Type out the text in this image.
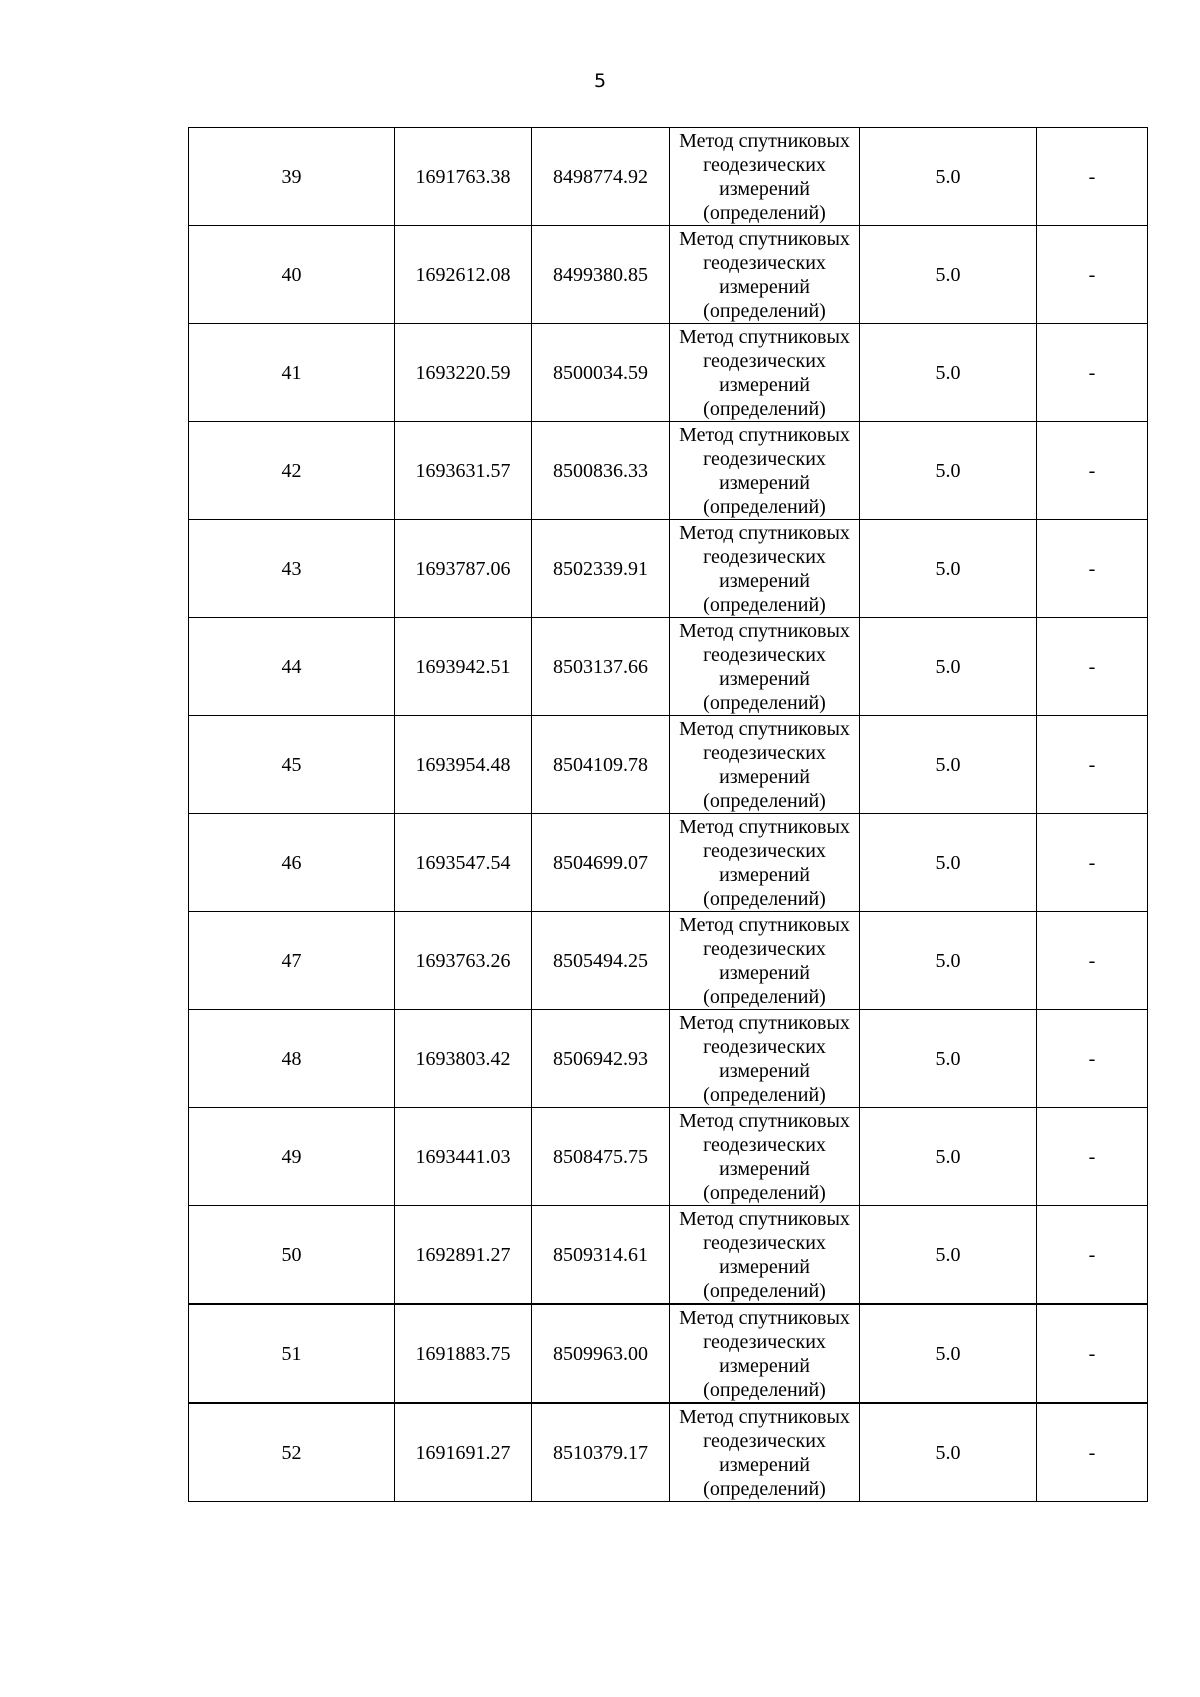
5
39	1691763.38	8498774.92	Метод спутниковых
геодезических
измерений
(определений)	5.0	-
40	1692612.08	8499380.85	Метод спутниковых
геодезических
измерений
(определений)	5.0	-
41	1693220.59	8500034.59	Метод спутниковых
геодезических
измерений
(определений)	5.0	-
42	1693631.57	8500836.33	Метод спутниковых
геодезических
измерений
(определений)	5.0	-
43	1693787.06	8502339.91	Метод спутниковых
геодезических
измерений
(определений)	5.0	-
44	1693942.51	8503137.66	Метод спутниковых
геодезических
измерений
(определений)	5.0	-
45	1693954.48	8504109.78	Метод спутниковых
геодезических
измерений
(определений)	5.0	-
46	1693547.54	8504699.07	Метод спутниковых
геодезических
измерений
(определений)	5.0	-
47	1693763.26	8505494.25	Метод спутниковых
геодезических
измерений
(определений)	5.0	-
48	1693803.42	8506942.93	Метод спутниковых
геодезических
измерений
(определений)	5.0	-
49	1693441.03	8508475.75	Метод спутниковых
геодезических
измерений
(определений)	5.0	-
50	1692891.27	8509314.61	Метод спутниковых
геодезических
измерений
(определений)	5.0	-
51	1691883.75	8509963.00	Метод спутниковых
геодезических
измерений
(определений)	5.0	-
52	1691691.27	8510379.17	Метод спутниковых
геодезических
измерений
(определений)	5.0	-
